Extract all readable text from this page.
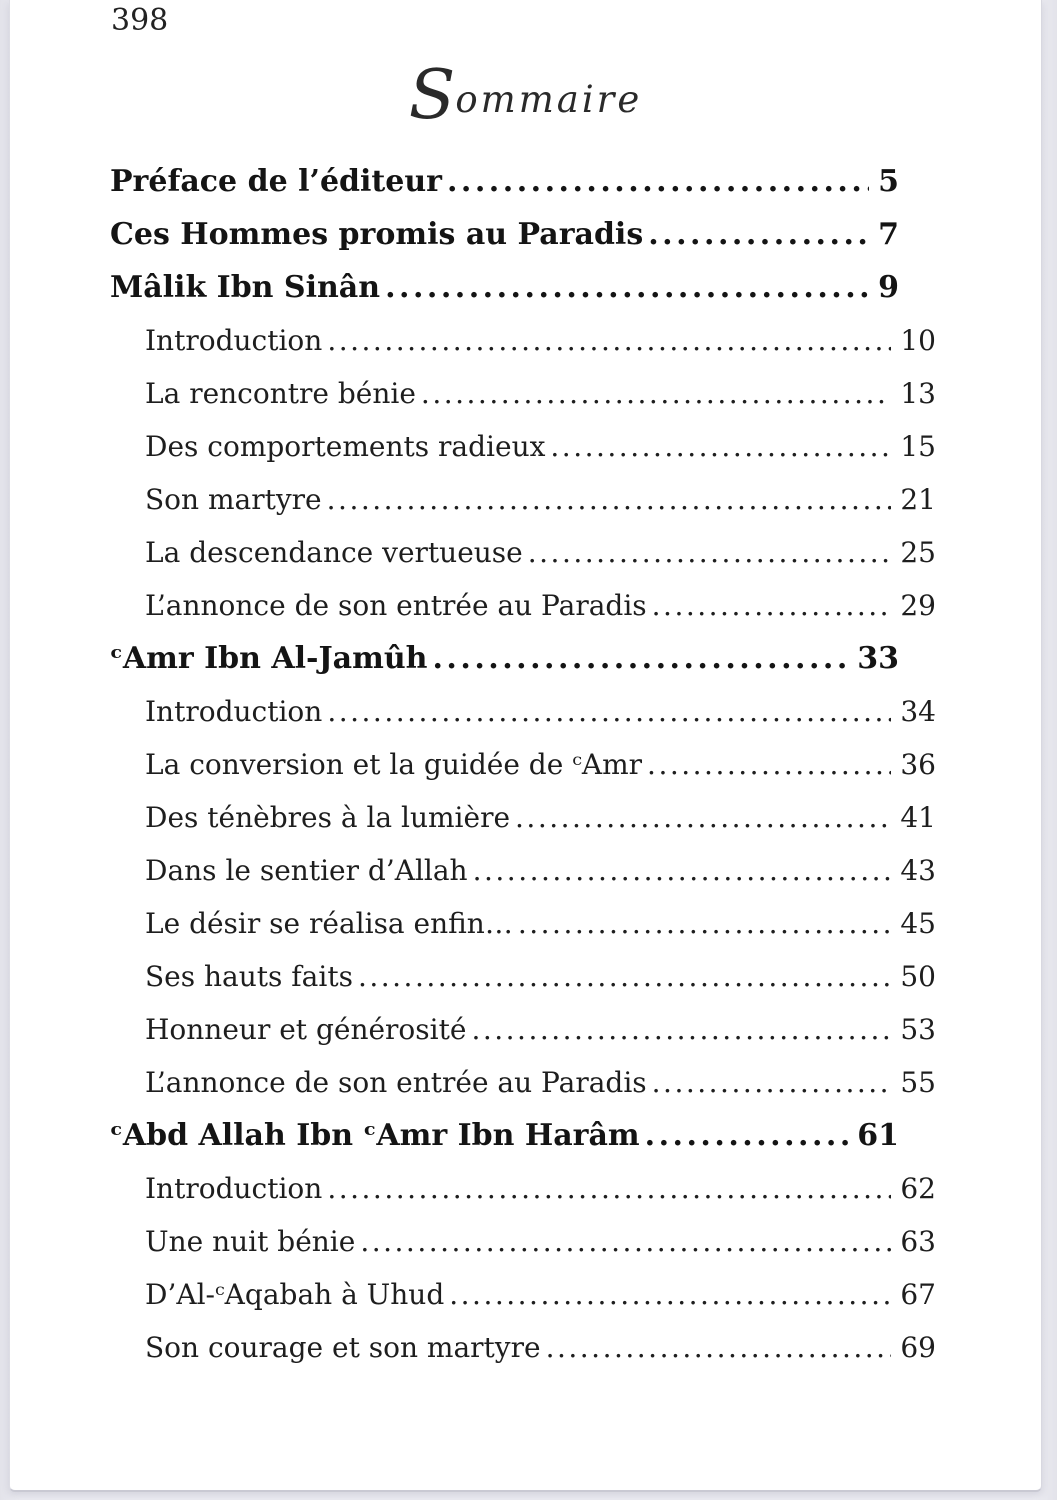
398
Sommaire
Préface de l’éditeur .....	5
Ces Hommes promis au Paradis .....	7
Mâlik Ibn Sinân .....	9
Introduction .....	10
La rencontre bénie .....	13
Des comportements radieux .....	15
Son martyre .....	21
La descendance vertueuse .....	25
L’annonce de son entrée au Paradis .....	29
ᶜAmr Ibn Al-Jamûh .....	33
Introduction .....	34
La conversion et la guidée de ᶜAmr .....	36
Des ténèbres à la lumière .....	41
Dans le sentier d’Allah .....	43
Le désir se réalisa enfin… .....	45
Ses hauts faits .....	50
Honneur et générosité .....	53
L’annonce de son entrée au Paradis .....	55
ᶜAbd Allah Ibn ᶜAmr Ibn Harâm .....	61
Introduction .....	62
Une nuit bénie .....	63
D’Al-ᶜAqabah à Uhud .....	67
Son courage et son martyre .....	69
